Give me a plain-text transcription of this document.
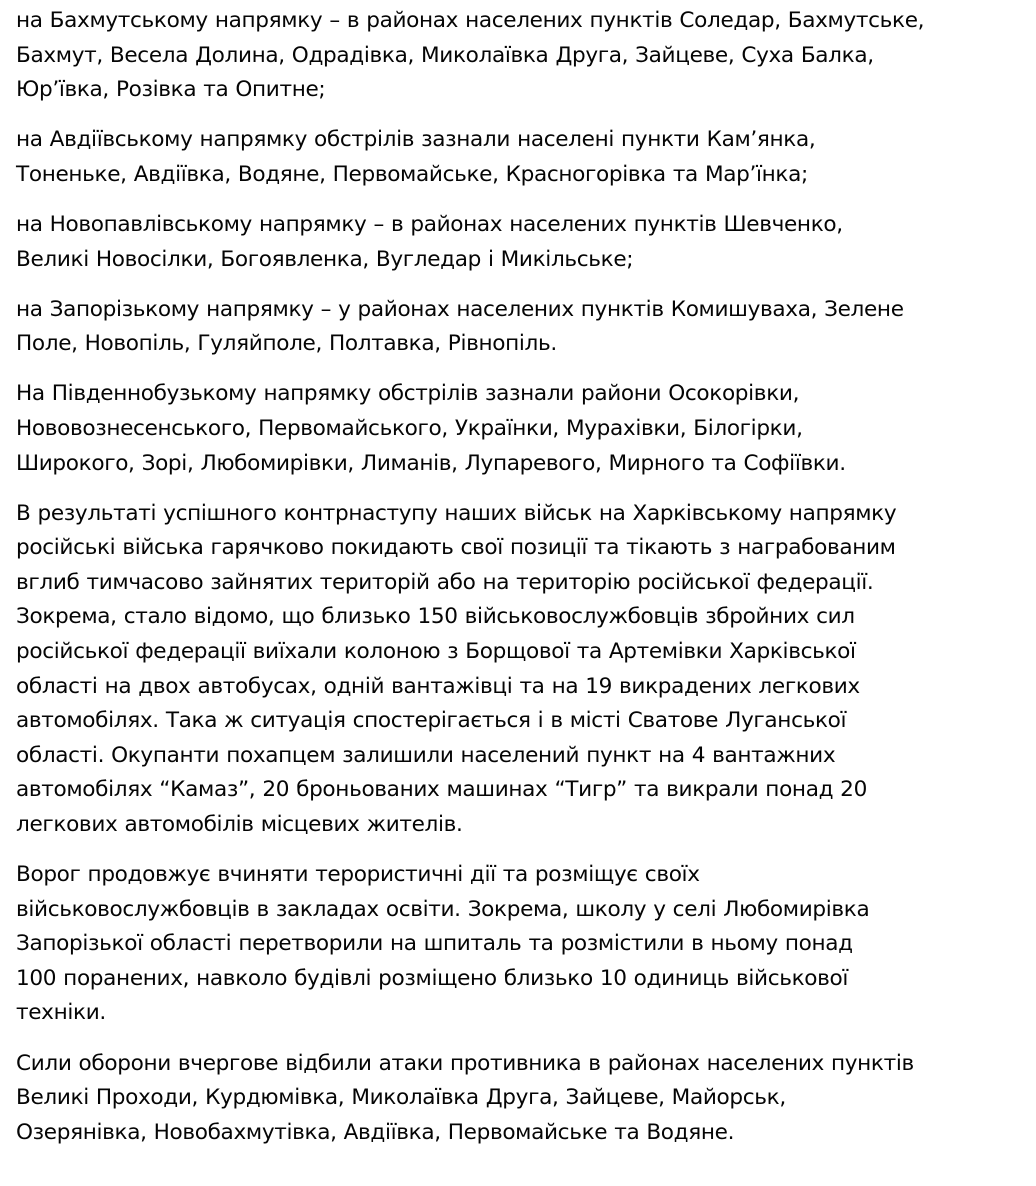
на Бахмутському напрямку – в районах населених пунктів Соледар, Бахмутське,
Бахмут, Весела Долина, Одрадівка, Миколаївка Друга, Зайцеве, Суха Балка,
Юр’ївка, Розівка та Опитне;

на Авдіївському напрямку обстрілів зазнали населені пункти Кам’янка,
Тоненьке, Авдіївка, Водяне, Первомайське, Красногорівка та Мар’їнка;

на Новопавлівському напрямку – в районах населених пунктів Шевченко,
Великі Новосілки, Богоявленка, Вугледар і Микільське;

на Запорізькому напрямку – у районах населених пунктів Комишуваха, Зелене
Поле, Новопіль, Гуляйполе, Полтавка, Рівнопіль.

На Південнобузькому напрямку обстрілів зазнали райони Осокорівки,
Нововознесенського, Первомайського, Українки, Мурахівки, Білогірки,
Широкого, Зорі, Любомирівки, Лиманів, Лупаревого, Мирного та Софіївки.

В результаті успішного контрнаступу наших військ на Харківському напрямку
російські війська гарячково покидають свої позиції та тікають з награбованим
вглиб тимчасово зайнятих територій або на територію російської федерації.
Зокрема, стало відомо, що близько 150 військовослужбовців збройних сил
російської федерації виїхали колоною з Борщової та Артемівки Харківської
області на двох автобусах, одній вантажівці та на 19 викрадених легкових
автомобілях. Така ж ситуація спостерігається і в місті Сватове Луганської
області. Окупанти похапцем залишили населений пункт на 4 вантажних
автомобілях “Камаз”, 20 броньованих машинах “Тигр” та викрали понад 20
легкових автомобілів місцевих жителів.

Ворог продовжує вчиняти терористичні дії та розміщує своїх
військовослужбовців в закладах освіти. Зокрема, школу у селі Любомирівка
Запорізької області перетворили на шпиталь та розмістили в ньому понад
100 поранених, навколо будівлі розміщено близько 10 одиниць військової
техніки.

Сили оборони вчергове відбили атаки противника в районах населених пунктів
Великі Проходи, Курдюмівка, Миколаївка Друга, Зайцеве, Майорськ,
Озерянівка, Новобахмутівка, Авдіївка, Первомайське та Водяне.
